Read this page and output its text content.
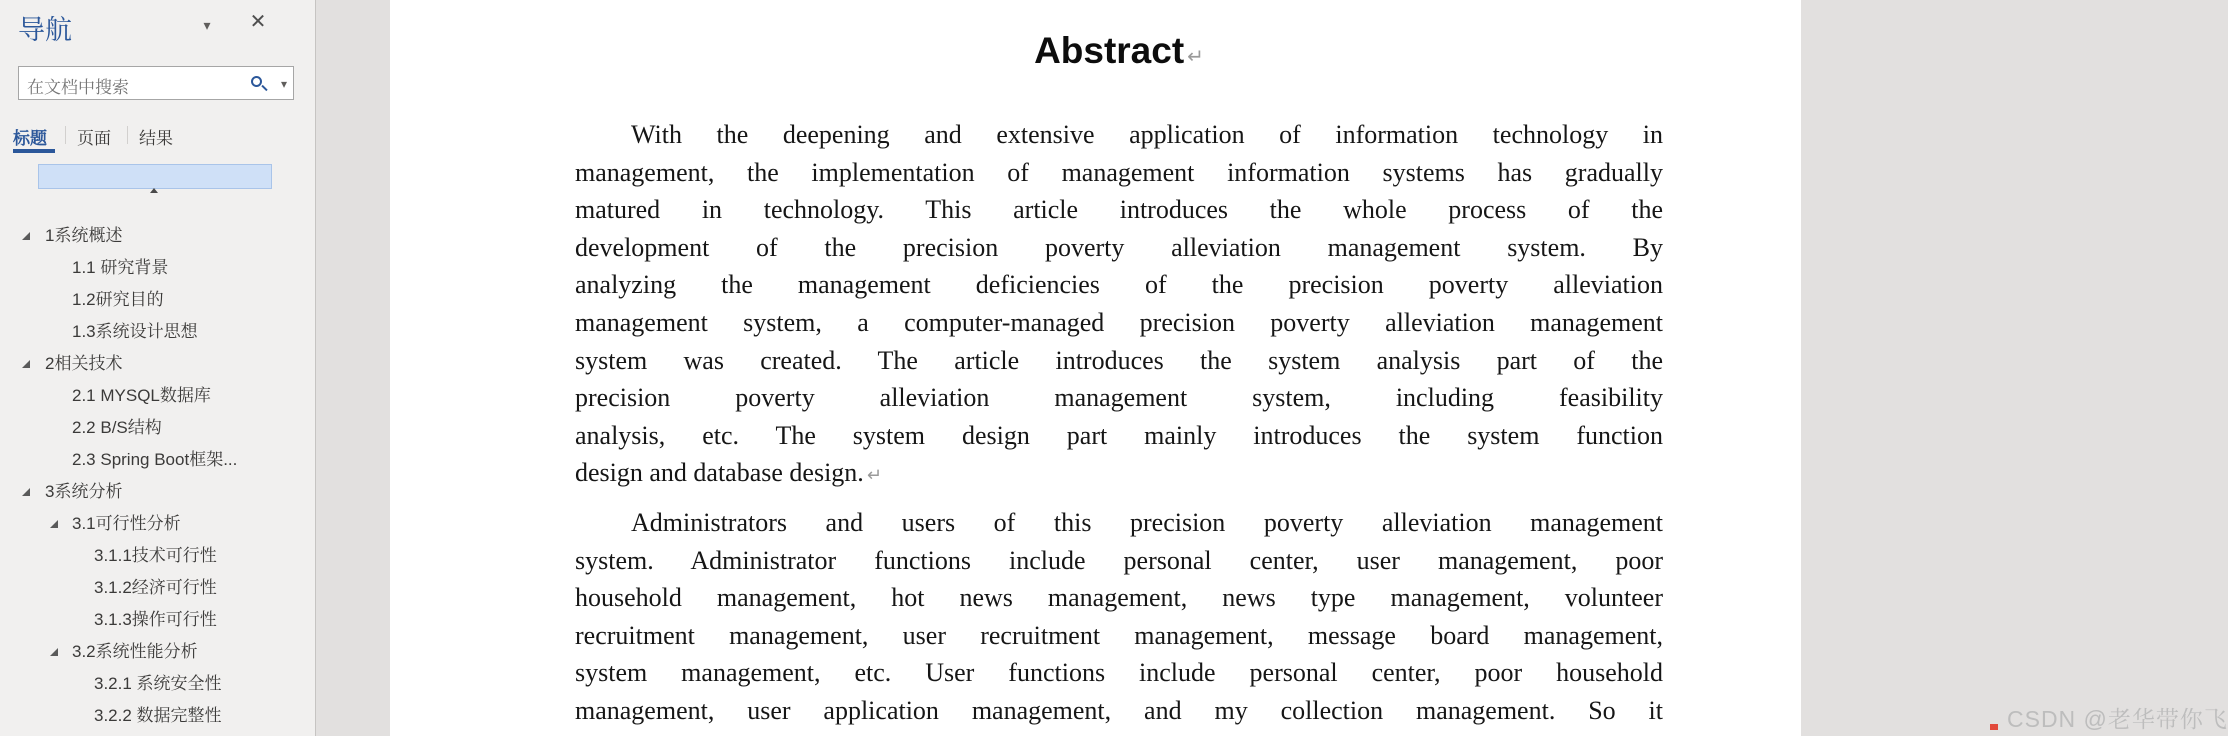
导航	▾	✕
在文档中搜索	▾
标题 页面 结果
1系统概述
1.1 研究背景
1.2研究目的
1.3系统设计思想
2相关技术
2.1 MYSQL数据库
2.2 B/S结构
2.3 Spring Boot框架...
3系统分析
3.1可行性分析
3.1.1技术可行性
3.1.2经济可行性
3.1.3操作可行性
3.2系统性能分析
3.2.1 系统安全性
3.2.2 数据完整性
Abstract ↵
With the deepening and extensive application of information technology in
management, the implementation of management information systems has gradually
matured in technology. This article introduces the whole process of the
development of the precision poverty alleviation management system. By
analyzing the management deficiencies of the precision poverty alleviation
management system, a computer-managed precision poverty alleviation management
system was created. The article introduces the system analysis part of the
precision poverty alleviation management system, including feasibility
analysis, etc. The system design part mainly introduces the system function
design and database design. ↵
Administrators and users of this precision poverty alleviation management
system. Administrator functions include personal center, user management, poor
household management, hot news management, news type management, volunteer
recruitment management, user recruitment management, message board management,
system management, etc. User functions include personal center, poor household
management, user application management, and my collection management. So it	CSDN @老华带你飞
